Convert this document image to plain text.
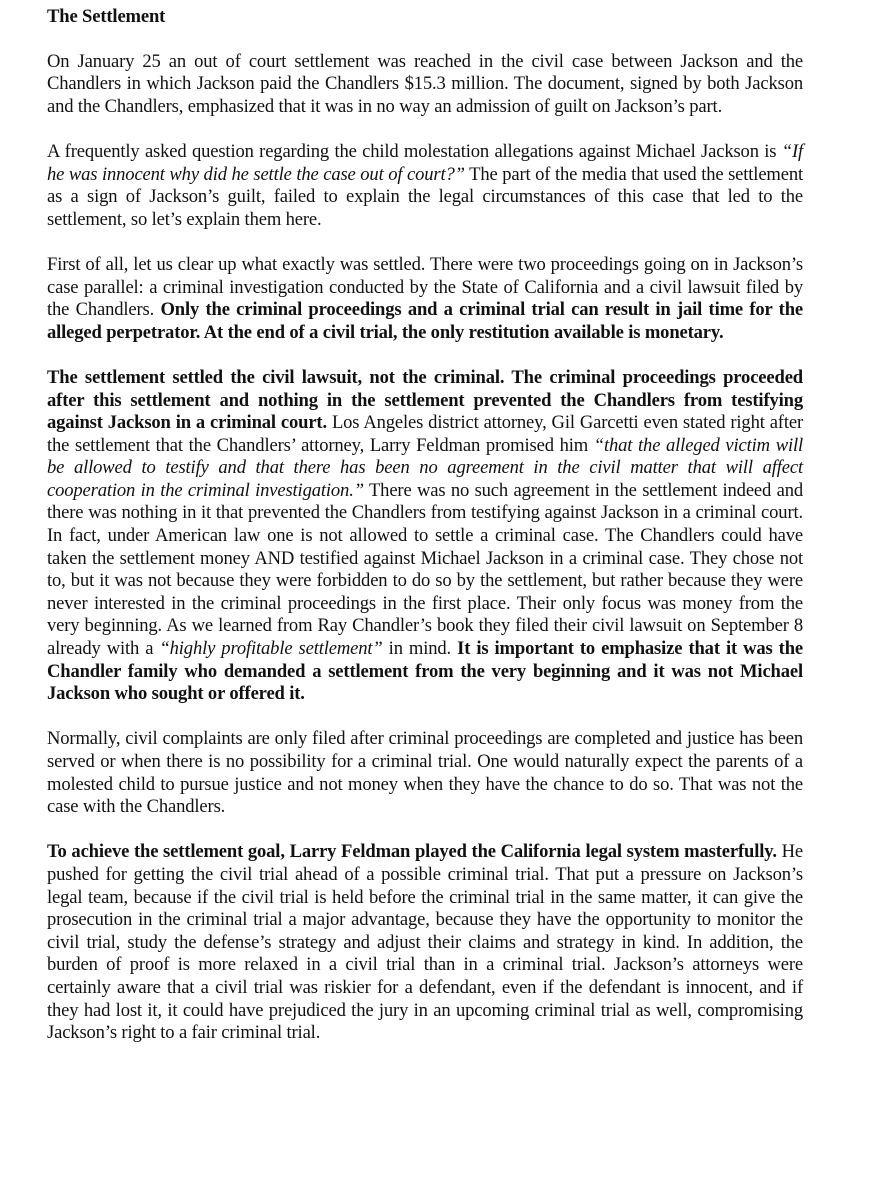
The Settlement

On January 25 an out of court settlement was reached in the civil case between Jackson and the Chandlers in which Jackson paid the Chandlers $15.3 million. The document, signed by both Jackson and the Chandlers, emphasized that it was in no way an admission of guilt on Jackson’s part.

A frequently asked question regarding the child molestation allegations against Michael Jackson is “If he was innocent why did he settle the case out of court?” The part of the media that used the settlement as a sign of Jackson’s guilt, failed to explain the legal circumstances of this case that led to the settlement, so let’s explain them here.

First of all, let us clear up what exactly was settled. There were two proceedings going on in Jackson’s case parallel: a criminal investigation conducted by the State of California and a civil lawsuit filed by the Chandlers. Only the criminal proceedings and a criminal trial can result in jail time for the alleged perpetrator. At the end of a civil trial, the only restitution available is monetary.

The settlement settled the civil lawsuit, not the criminal. The criminal proceedings proceeded after this settlement and nothing in the settlement prevented the Chandlers from testifying against Jackson in a criminal court. Los Angeles district attorney, Gil Garcetti even stated right after the settlement that the Chandlers’ attorney, Larry Feldman promised him “that the alleged victim will be allowed to testify and that there has been no agreement in the civil matter that will affect cooperation in the criminal investigation.” There was no such agreement in the settlement indeed and there was nothing in it that prevented the Chandlers from testifying against Jackson in a criminal court. In fact, under American law one is not allowed to settle a criminal case. The Chandlers could have taken the settlement money AND testified against Michael Jackson in a criminal case. They chose not to, but it was not because they were forbidden to do so by the settlement, but rather because they were never interested in the criminal proceedings in the first place. Their only focus was money from the very beginning. As we learned from Ray Chandler’s book they filed their civil lawsuit on September 8 already with a “highly profitable settlement” in mind. It is important to emphasize that it was the Chandler family who demanded a settlement from the very beginning and it was not Michael Jackson who sought or offered it.

Normally, civil complaints are only filed after criminal proceedings are completed and justice has been served or when there is no possibility for a criminal trial. One would naturally expect the parents of a molested child to pursue justice and not money when they have the chance to do so. That was not the case with the Chandlers.

To achieve the settlement goal, Larry Feldman played the California legal system masterfully. He pushed for getting the civil trial ahead of a possible criminal trial. That put a pressure on Jackson’s legal team, because if the civil trial is held before the criminal trial in the same matter, it can give the prosecution in the criminal trial a major advantage, because they have the opportunity to monitor the civil trial, study the defense’s strategy and adjust their claims and strategy in kind. In addition, the burden of proof is more relaxed in a civil trial than in a criminal trial. Jackson’s attorneys were certainly aware that a civil trial was riskier for a defendant, even if the defendant is innocent, and if they had lost it, it could have prejudiced the jury in an upcoming criminal trial as well, compromising Jackson’s right to a fair criminal trial.
